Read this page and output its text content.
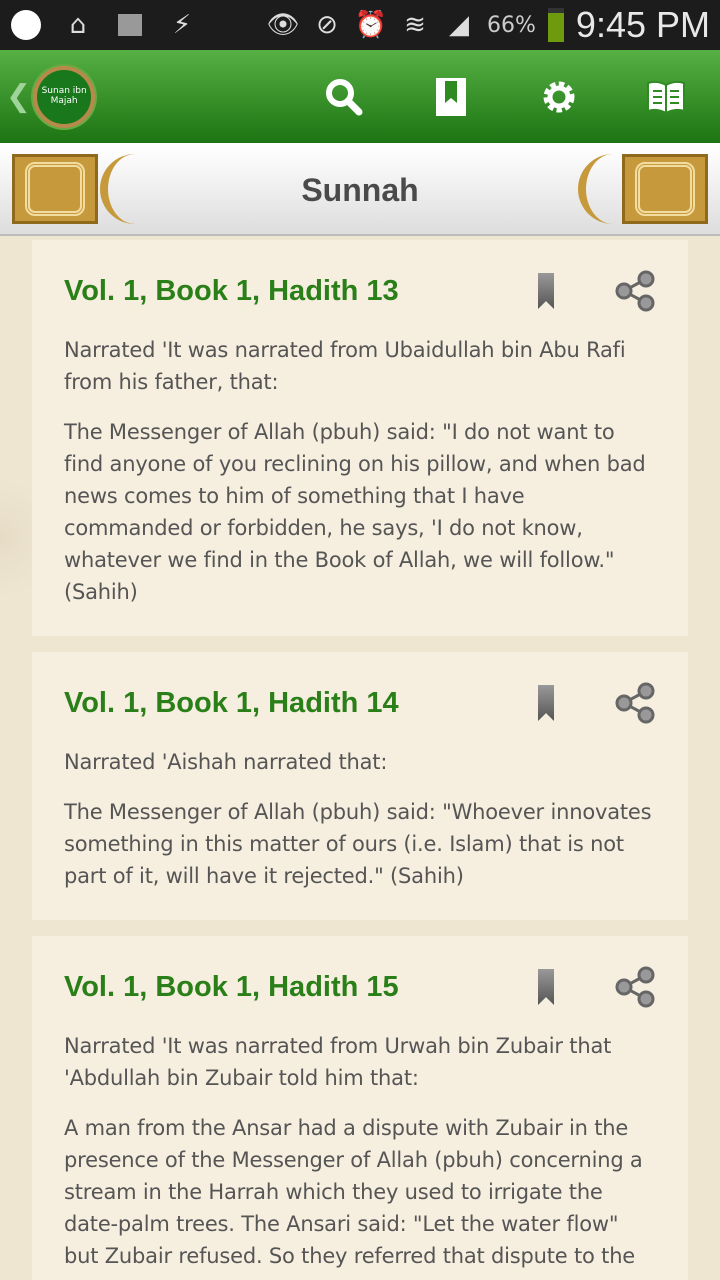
⌂	⚡	👁 ⊘ ⏰ ≋ ◢ 66% 9:45 PM
❮	Sunan ibn Majah
Sunnah
Vol. 1, Book 1, Hadith 13

Narrated 'It was narrated from Ubaidullah bin Abu Rafi from his father, that:

The Messenger of Allah (pbuh) said: "I do not want to find anyone of you reclining on his pillow, and when bad news comes to him of something that I have commanded or forbidden, he says, 'I do not know, whatever we find in the Book of Allah, we will follow." (Sahih)

Vol. 1, Book 1, Hadith 14

Narrated 'Aishah narrated that:

The Messenger of Allah (pbuh) said: "Whoever innovates something in this matter of ours (i.e. Islam) that is not part of it, will have it rejected." (Sahih)

Vol. 1, Book 1, Hadith 15

Narrated 'It was narrated from Urwah bin Zubair that 'Abdullah bin Zubair told him that:

A man from the Ansar had a dispute with Zubair in the presence of the Messenger of Allah (pbuh) concerning a stream in the Harrah which they used to irrigate the date-palm trees. The Ansari said: "Let the water flow" but Zubair refused. So they referred that dispute to the
